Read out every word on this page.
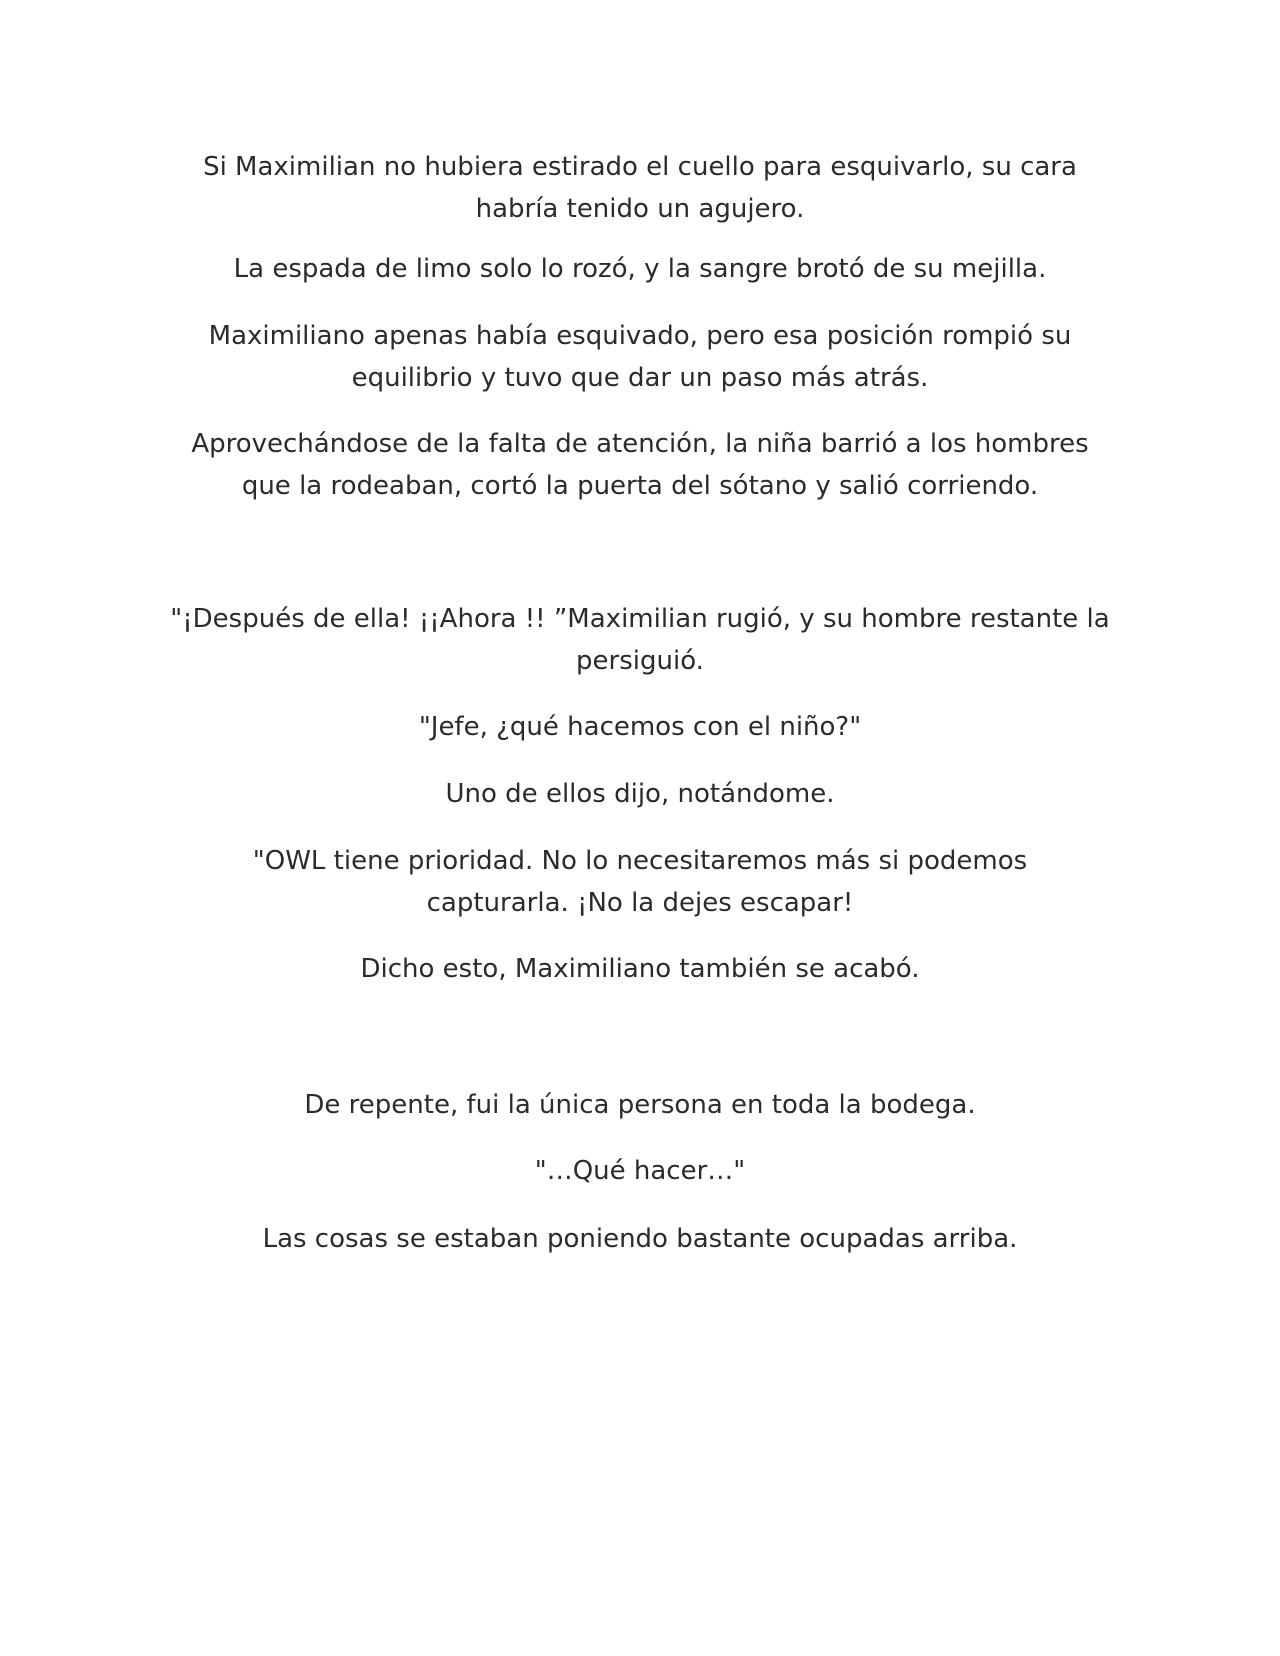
Si Maximilian no hubiera estirado el cuello para esquivarlo, su cara
habría tenido un agujero.

La espada de limo solo lo rozó, y la sangre brotó de su mejilla.

Maximiliano apenas había esquivado, pero esa posición rompió su
equilibrio y tuvo que dar un paso más atrás.

Aprovechándose de la falta de atención, la niña barrió a los hombres
que la rodeaban, cortó la puerta del sótano y salió corriendo.

"¡Después de ella! ¡¡Ahora !! ”Maximilian rugió, y su hombre restante la
persiguió.

"Jefe, ¿qué hacemos con el niño?"

Uno de ellos dijo, notándome.

"OWL tiene prioridad. No lo necesitaremos más si podemos
capturarla. ¡No la dejes escapar!

Dicho esto, Maximiliano también se acabó.

De repente, fui la única persona en toda la bodega.

"…Qué hacer…"

Las cosas se estaban poniendo bastante ocupadas arriba.
